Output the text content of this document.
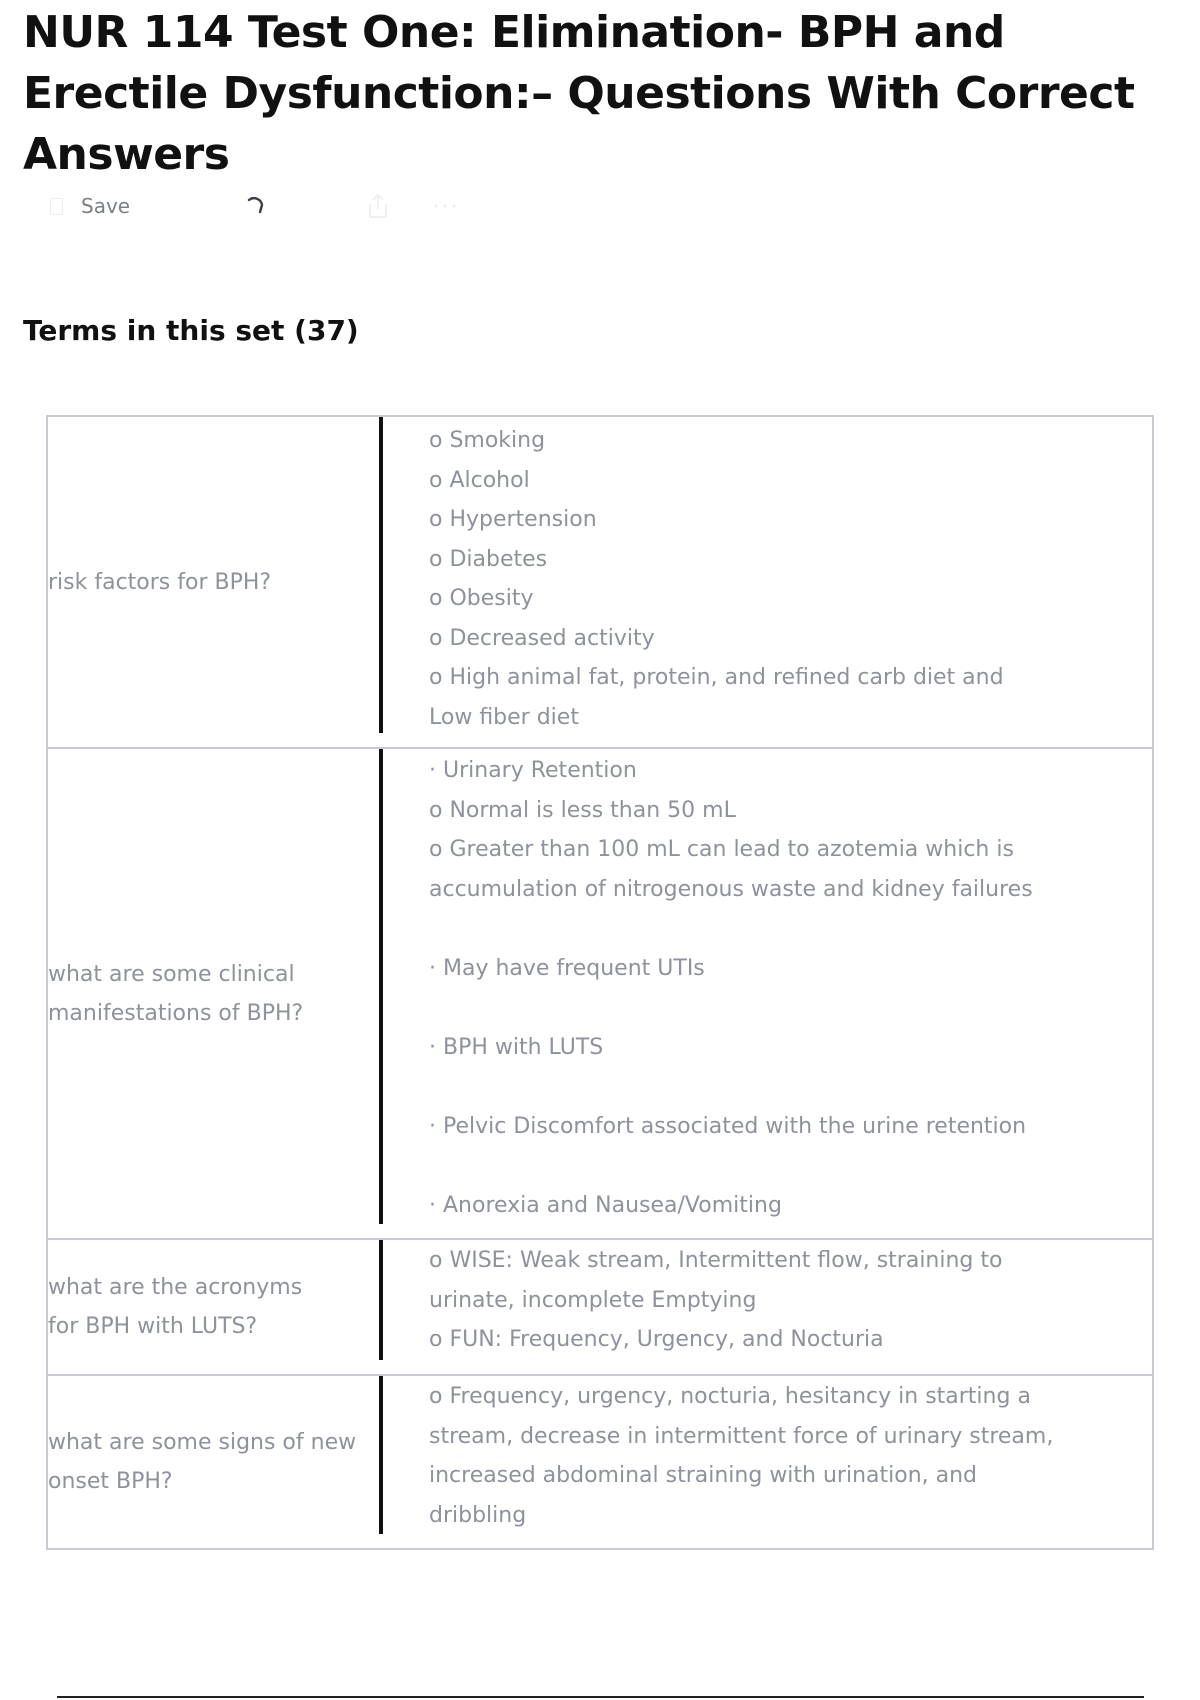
NUR 114 Test One: Elimination- BPH and Erectile Dysfunction:– Questions With Correct Answers
Save
Terms in this set (37)
risk factors for BPH?
o Smoking
o Alcohol
o Hypertension
o Diabetes
o Obesity
o Decreased activity
o High animal fat, protein, and refined carb diet and
Low fiber diet
what are some clinical manifestations of BPH?
· Urinary Retention
o Normal is less than 50 mL
o Greater than 100 mL can lead to azotemia which is
accumulation of nitrogenous waste and kidney failures
· May have frequent UTIs
· BPH with LUTS
· Pelvic Discomfort associated with the urine retention
· Anorexia and Nausea/Vomiting
what are the acronyms for BPH with LUTS?
o WISE: Weak stream, Intermittent flow, straining to
urinate, incomplete Emptying
o FUN: Frequency, Urgency, and Nocturia
what are some signs of new onset BPH?
o Frequency, urgency, nocturia, hesitancy in starting a
stream, decrease in intermittent force of urinary stream,
increased abdominal straining with urination, and
dribbling
